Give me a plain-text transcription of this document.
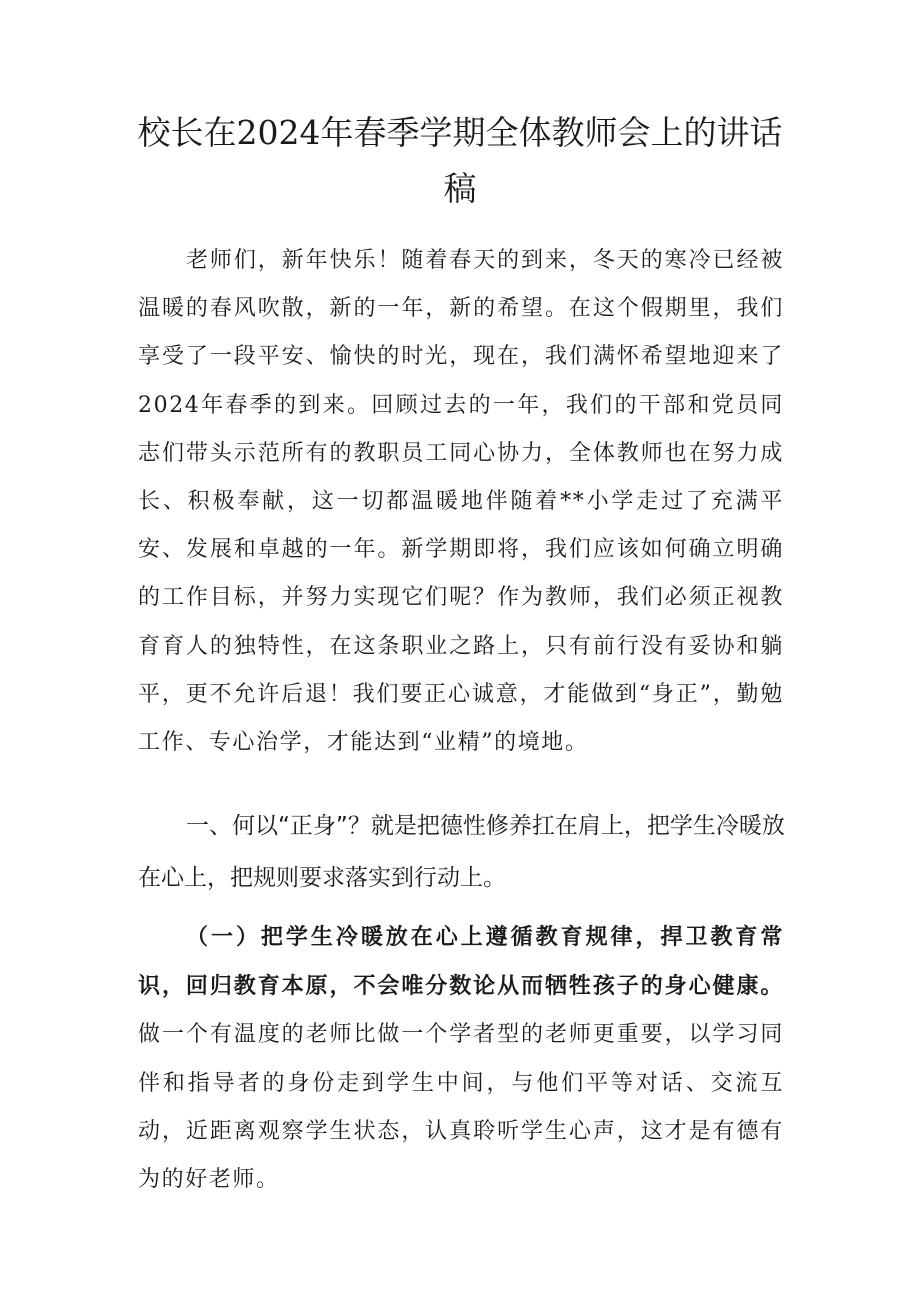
校长在2024年春季学期全体教师会上的讲话稿

老师们，新年快乐！随着春天的到来，冬天的寒冷已经被温暖的春风吹散，新的一年，新的希望。在这个假期里，我们享受了一段平安、愉快的时光，现在，我们满怀希望地迎来了2024年春季的到来。回顾过去的一年，我们的干部和党员同志们带头示范所有的教职员工同心协力，全体教师也在努力成长、积极奉献，这一切都温暖地伴随着**小学走过了充满平安、发展和卓越的一年。新学期即将，我们应该如何确立明确的工作目标，并努力实现它们呢？作为教师，我们必须正视教育育人的独特性，在这条职业之路上，只有前行没有妥协和躺平，更不允许后退！我们要正心诚意，才能做到“身正”，勤勉工作、专心治学，才能达到“业精”的境地。

一、何以“正身”？就是把德性修养扛在肩上，把学生冷暖放在心上，把规则要求落实到行动上。

（一）把学生冷暖放在心上遵循教育规律，捍卫教育常识，回归教育本原，不会唯分数论从而牺牲孩子的身心健康。做一个有温度的老师比做一个学者型的老师更重要，以学习同伴和指导者的身份走到学生中间，与他们平等对话、交流互动，近距离观察学生状态，认真聆听学生心声，这才是有德有为的好老师。
